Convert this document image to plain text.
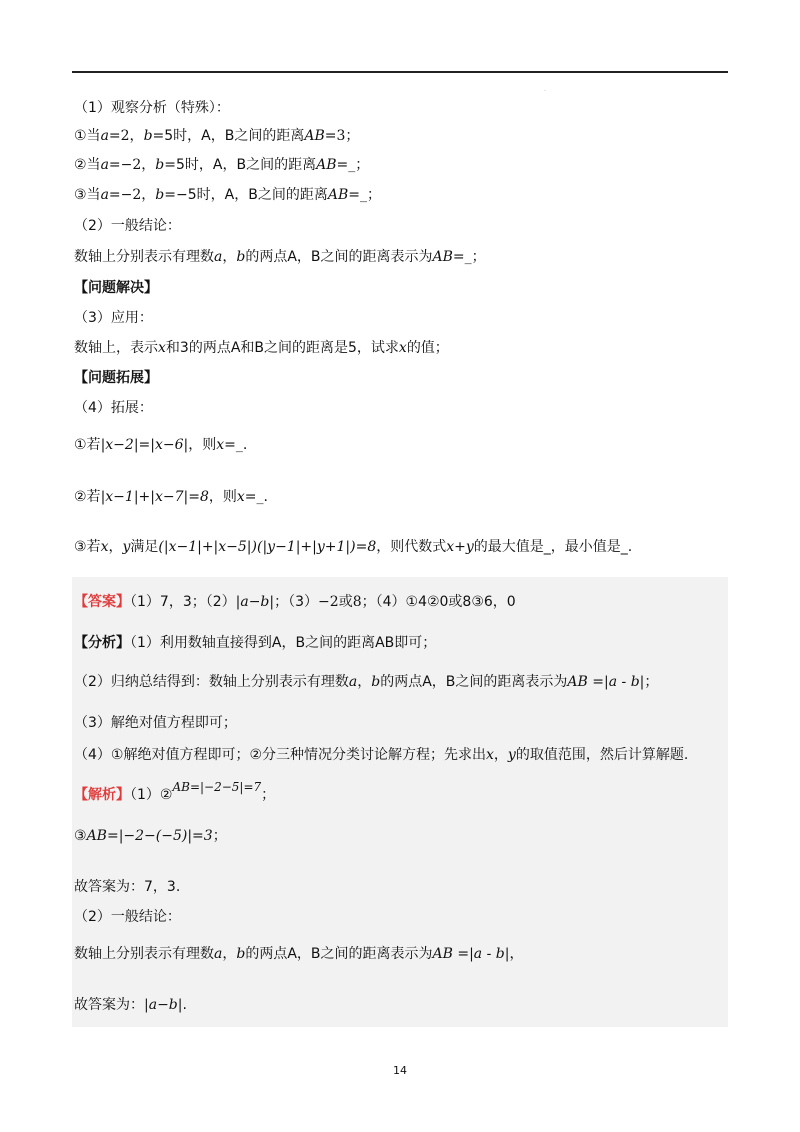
.
（1）观察分析（特殊）：
①当a=2，b=5时，A，B之间的距离AB=3；
②当a=−2，b=5时，A，B之间的距离AB=_；
③当a=−2，b=−5时，A，B之间的距离AB=_；
（2）一般结论：
数轴上分别表示有理数a，b的两点A，B之间的距离表示为AB=_；
【问题解决】
（3）应用：
数轴上，表示x和3的两点A和B之间的距离是5，试求x的值；
【问题拓展】
（4）拓展：
①若|x−2|=|x−6|，则x=_.
②若|x−1|+|x−7|=8，则x=_.
③若x，y满足(|x−1|+|x−5|)(|y−1|+|y+1|)=8，则代数式x+y的最大值是_，最小值是_.
【答案】（1）7，3；（2）|a−b|；（3）−2或8；（4）①4②0或8③6，0
【分析】（1）利用数轴直接得到A，B之间的距离AB即可；
（2）归纳总结得到：数轴上分别表示有理数a，b的两点A，B之间的距离表示为AB =|a - b|；
（3）解绝对值方程即可；
（4）①解绝对值方程即可；②分三种情况分类讨论解方程；先求出x，y的取值范围，然后计算解题.
【解析】（1）②AB=|−2−5|=7；
③AB=|−2−(−5)|=3；
故答案为：7，3.
（2）一般结论：
数轴上分别表示有理数a，b的两点A，B之间的距离表示为AB =|a - b|，
故答案为：|a−b|.
14
